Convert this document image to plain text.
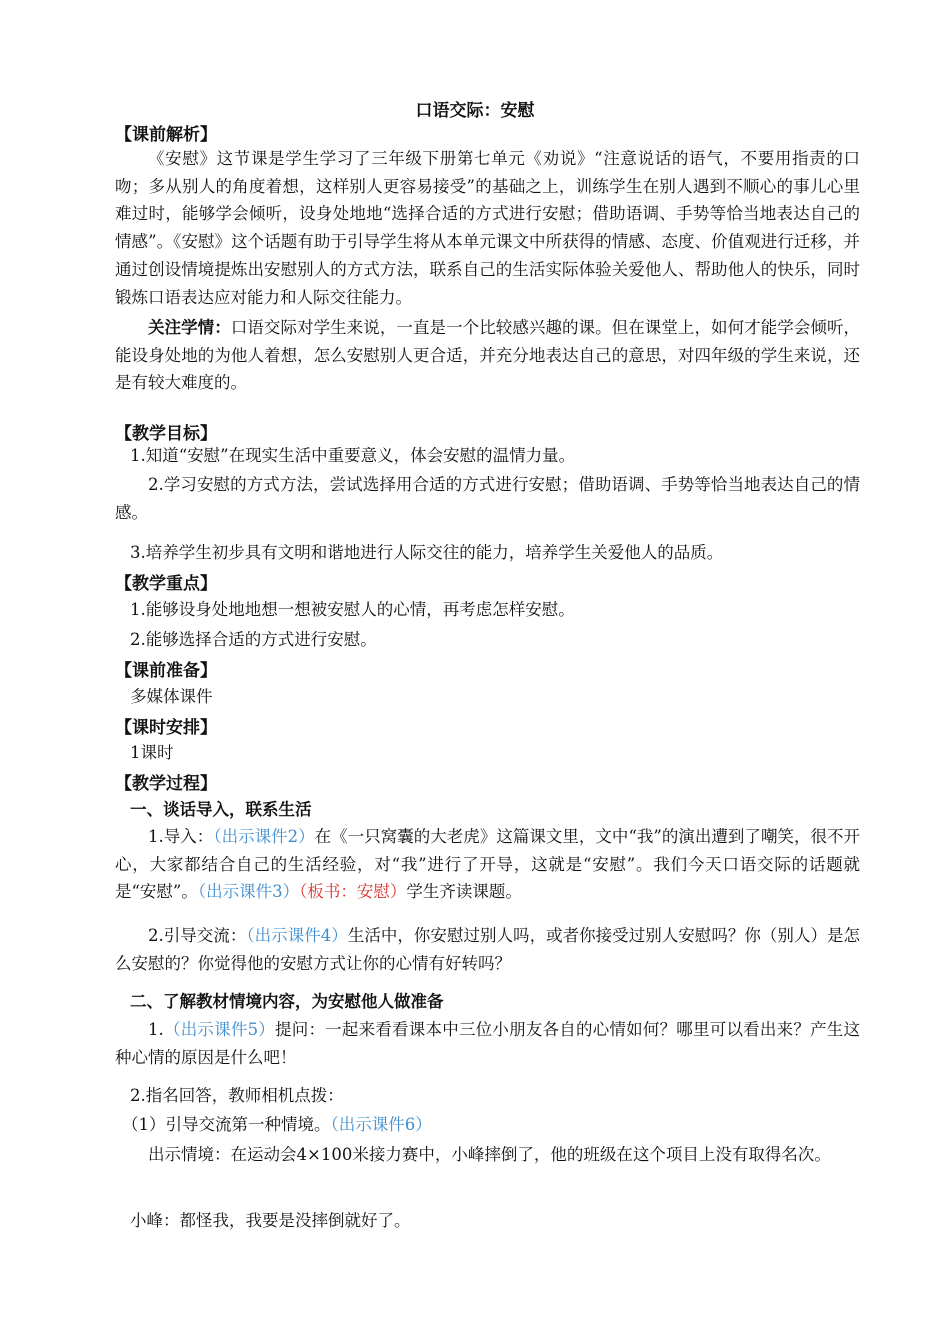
口语交际：安慰
【课前解析】
《安慰》这节课是学生学习了三年级下册第七单元《劝说》“注意说话的语气，不要用指责的口吻；多从别人的角度着想，这样别人更容易接受”的基础之上，训练学生在别人遇到不顺心的事儿心里难过时，能够学会倾听，设身处地地“选择合适的方式进行安慰；借助语调、手势等恰当地表达自己的情感”。《安慰》这个话题有助于引导学生将从本单元课文中所获得的情感、态度、价值观进行迁移，并通过创设情境提炼出安慰别人的方式方法，联系自己的生活实际体验关爱他人、帮助他人的快乐，同时锻炼口语表达应对能力和人际交往能力。
关注学情：口语交际对学生来说，一直是一个比较感兴趣的课。但在课堂上，如何才能学会倾听，能设身处地的为他人着想，怎么安慰别人更合适，并充分地表达自己的意思，对四年级的学生来说，还是有较大难度的。
【教学目标】
1.知道“安慰”在现实生活中重要意义，体会安慰的温情力量。
2.学习安慰的方式方法，尝试选择用合适的方式进行安慰；借助语调、手势等恰当地表达自己的情感。
3.培养学生初步具有文明和谐地进行人际交往的能力，培养学生关爱他人的品质。
【教学重点】
1.能够设身处地地想一想被安慰人的心情，再考虑怎样安慰。
2.能够选择合适的方式进行安慰。
【课前准备】
多媒体课件
【课时安排】
1课时
【教学过程】
一、谈话导入，联系生活
1.导入：（出示课件2）在《一只窝囊的大老虎》这篇课文里，文中“我”的演出遭到了嘲笑，很不开心，大家都结合自己的生活经验，对“我”进行了开导，这就是“安慰”。我们今天口语交际的话题就是“安慰”。（出示课件3）（板书：安慰）学生齐读课题。
2.引导交流：（出示课件4）生活中，你安慰过别人吗，或者你接受过别人安慰吗？你（别人）是怎么安慰的？你觉得他的安慰方式让你的心情有好转吗？
二、了解教材情境内容，为安慰他人做准备
1.（出示课件5）提问：一起来看看课本中三位小朋友各自的心情如何？哪里可以看出来？产生这种心情的原因是什么吧！
2.指名回答，教师相机点拨：
（1）引导交流第一种情境。（出示课件6）
出示情境：在运动会4×100米接力赛中，小峰摔倒了，他的班级在这个项目上没有取得名次。
小峰：都怪我，我要是没摔倒就好了。
